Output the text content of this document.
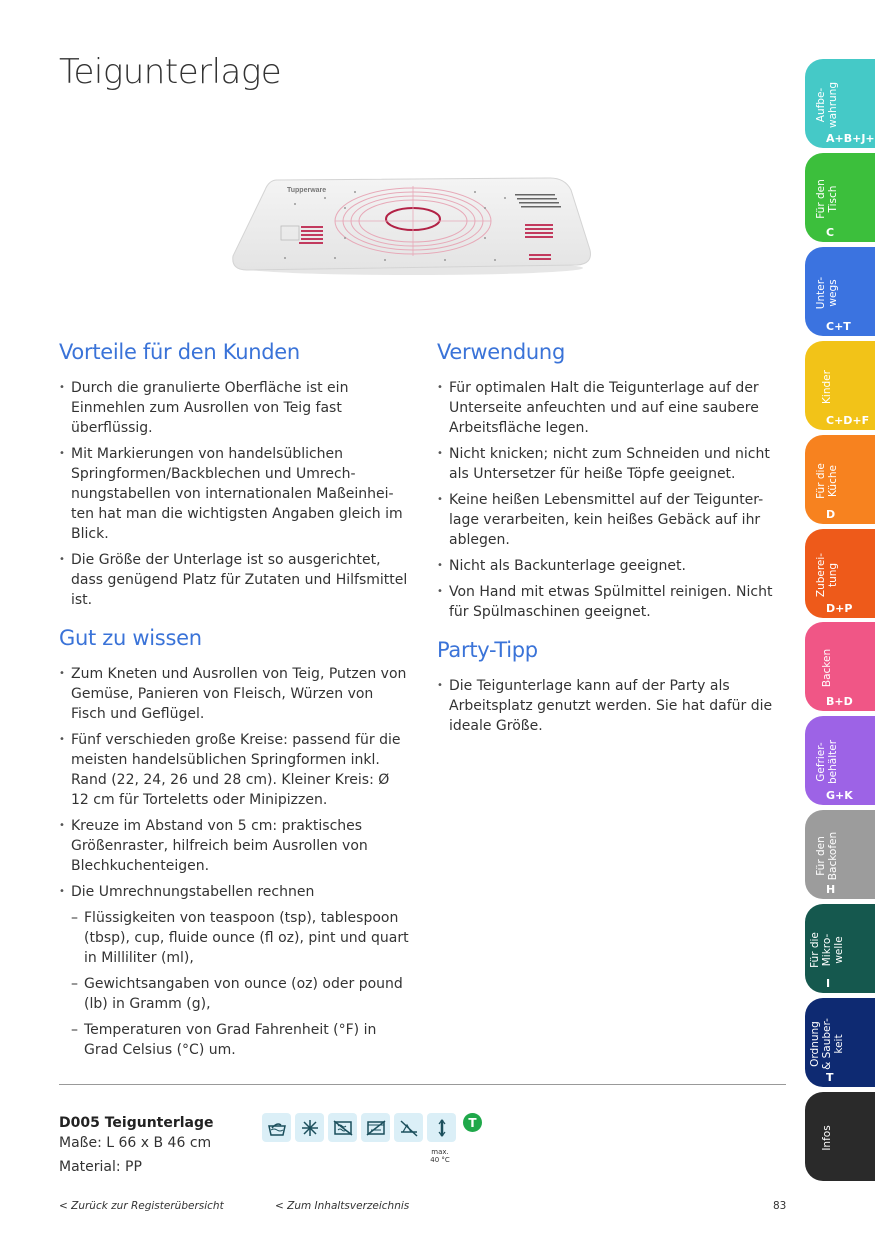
Teigunterlage
Tupperware
Vorteile für den Kunden
• Durch die granulierte Oberfläche ist ein Einmehlen zum Ausrollen von Teig fast überflüssig.
• Mit Markierungen von handelsüblichen Springformen/Backblechen und Umrech-nungstabellen von internationalen Maßeinhei-ten hat man die wichtigsten Angaben gleich im Blick.
• Die Größe der Unterlage ist so ausgerichtet, dass genügend Platz für Zutaten und Hilfsmittel ist.
Gut zu wissen
• Zum Kneten und Ausrollen von Teig, Putzen von Gemüse, Panieren von Fleisch, Würzen von Fisch und Geflügel.
• Fünf verschieden große Kreise: passend für die meisten handelsüblichen Springformen inkl. Rand (22, 24, 26 und 28 cm). Kleiner Kreis: Ø 12 cm für Torteletts oder Minipizzen.
• Kreuze im Abstand von 5 cm: praktisches Größenraster, hilfreich beim Ausrollen von Blechkuchenteigen.
• Die Umrechnungstabellen rechnen
– Flüssigkeiten von teaspoon (tsp), tablespoon (tbsp), cup, fluide ounce (fl oz), pint und quart in Milliliter (ml),
– Gewichtsangaben von ounce (oz) oder pound (lb) in Gramm (g),
– Temperaturen von Grad Fahrenheit (°F) in Grad Celsius (°C) um.
Verwendung
• Für optimalen Halt die Teigunterlage auf der Unterseite anfeuchten und auf eine saubere Arbeitsfläche legen.
• Nicht knicken; nicht zum Schneiden und nicht als Untersetzer für heiße Töpfe geeignet.
• Keine heißen Lebensmittel auf der Teigunter-lage verarbeiten, kein heißes Gebäck auf ihr ablegen.
• Nicht als Backunterlage geeignet.
• Von Hand mit etwas Spülmittel reinigen. Nicht für Spülmaschinen geeignet.
Party-Tipp
• Die Teigunterlage kann auf der Party als Arbeitsplatz genutzt werden. Sie hat dafür die ideale Größe.
D005 Teigunterlage
Maße: L 66 x B 46 cm
Material: PP
max.
40 °C
T
< Zurück zur Registerübersicht	< Zum Inhaltsverzeichnis	83
Aufbe-
wahrung
A+B+J+K
Für den
Tisch
C
Unter-
wegs
C+T
Kinder
C+D+F
Für die
Küche
D
Zuberei-
tung
D+P
Backen
B+D
Gefrier-
behälter
G+K
Für den
Backofen
H
Für die
Mikro-
welle
I
Ordnung
& Sauber-
keit
T
Infos
